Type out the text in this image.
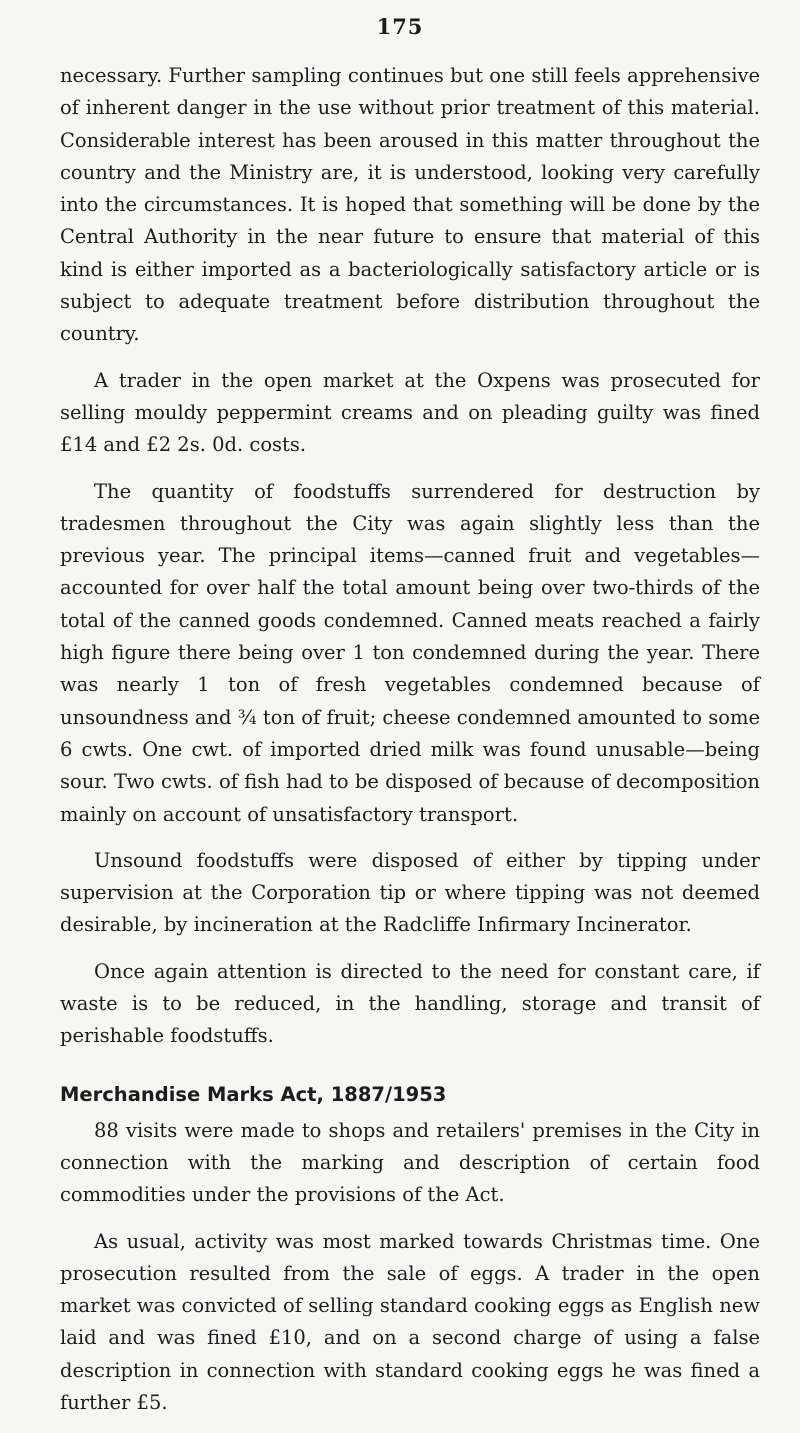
175

necessary. Further sampling continues but one still feels apprehensive of inherent danger in the use without prior treatment of this material. Considerable interest has been aroused in this matter throughout the country and the Ministry are, it is understood, looking very carefully into the circumstances. It is hoped that something will be done by the Central Authority in the near future to ensure that material of this kind is either imported as a bacteriologically satisfactory article or is subject to adequate treatment before distribution throughout the country.

A trader in the open market at the Oxpens was prosecuted for selling mouldy peppermint creams and on pleading guilty was fined £14 and £2 2s. 0d. costs.

The quantity of foodstuffs surrendered for destruction by tradesmen throughout the City was again slightly less than the previous year. The principal items—canned fruit and vegetables—accounted for over half the total amount being over two-thirds of the total of the canned goods condemned. Canned meats reached a fairly high figure there being over 1 ton condemned during the year. There was nearly 1 ton of fresh vegetables condemned because of unsoundness and ¾ ton of fruit; cheese condemned amounted to some 6 cwts. One cwt. of imported dried milk was found unusable—being sour. Two cwts. of fish had to be disposed of because of decomposition mainly on account of unsatisfactory transport.

Unsound foodstuffs were disposed of either by tipping under supervision at the Corporation tip or where tipping was not deemed desirable, by incineration at the Radcliffe Infirmary Incinerator.

Once again attention is directed to the need for constant care, if waste is to be reduced, in the handling, storage and transit of perishable foodstuffs.

Merchandise Marks Act, 1887/1953

88 visits were made to shops and retailers' premises in the City in connection with the marking and description of certain food commodities under the provisions of the Act.

As usual, activity was most marked towards Christmas time. One prosecution resulted from the sale of eggs. A trader in the open market was convicted of selling standard cooking eggs as English new laid and was fined £10, and on a second charge of using a false description in connection with standard cooking eggs he was fined a further £5.
